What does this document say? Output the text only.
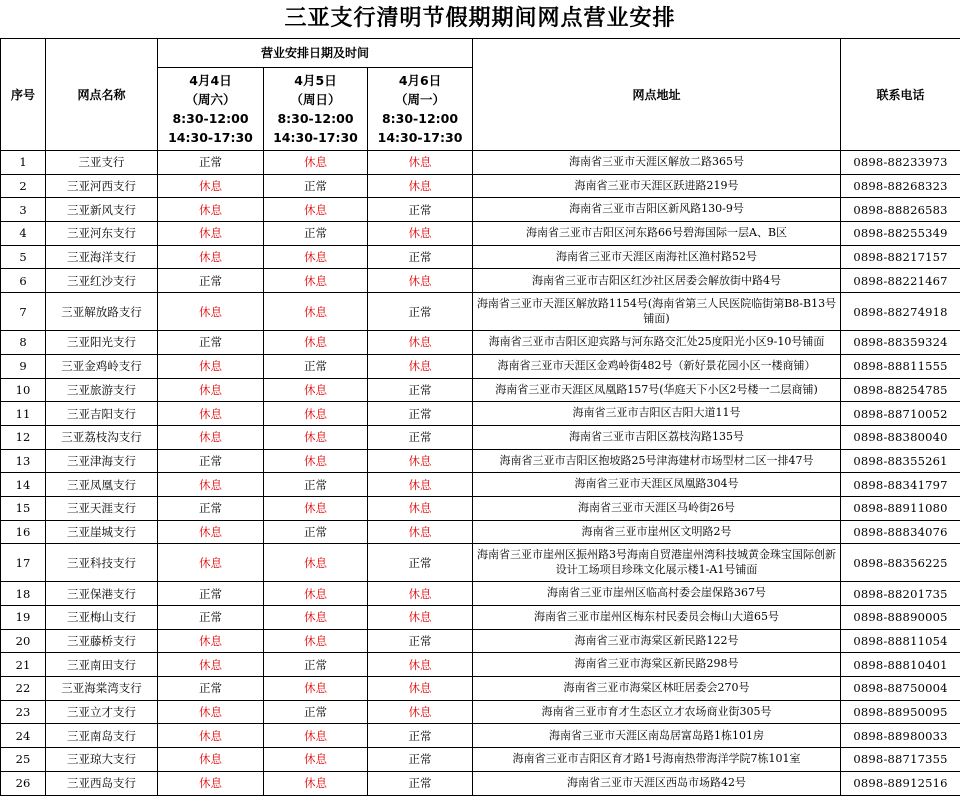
三亚支行清明节假期期间网点营业安排
序号	网点名称	营业安排日期及时间			网点地址	联系电话

		4月4日
（周六）
8:30-12:00
14:30-17:30	4月5日
（周日）
8:30-12:00
14:30-17:30	4月6日
（周一）
8:30-12:00
14:30-17:30		

1	三亚支行	正常	休息	休息	海南省三亚市天涯区解放二路365号	0898-88233973
2	三亚河西支行	休息	正常	休息	海南省三亚市天涯区跃进路219号	0898-88268323
3	三亚新风支行	休息	休息	正常	海南省三亚市吉阳区新风路130-9号	0898-88826583
4	三亚河东支行	休息	正常	休息	海南省三亚市吉阳区河东路66号碧海国际一层A、B区	0898-88255349
5	三亚海洋支行	休息	休息	正常	海南省三亚市天涯区南海社区渔村路52号	0898-88217157
6	三亚红沙支行	正常	休息	休息	海南省三亚市吉阳区红沙社区居委会解放街中路4号	0898-88221467
7	三亚解放路支行	休息	休息	正常	海南省三亚市天涯区解放路1154号(海南省第三人民医院临街第B8-B13号铺面)	0898-88274918
8	三亚阳光支行	正常	休息	休息	海南省三亚市吉阳区迎宾路与河东路交汇处25度阳光小区9-10号铺面	0898-88359324
9	三亚金鸡岭支行	休息	正常	休息	海南省三亚市天涯区金鸡岭街482号（新好景花园小区一楼商铺）	0898-88811555
10	三亚旅游支行	休息	休息	正常	海南省三亚市天涯区凤凰路157号(华庭天下小区2号楼一二层商铺)	0898-88254785
11	三亚吉阳支行	休息	休息	正常	海南省三亚市吉阳区吉阳大道11号	0898-88710052
12	三亚荔枝沟支行	休息	休息	正常	海南省三亚市吉阳区荔枝沟路135号	0898-88380040
13	三亚津海支行	正常	休息	休息	海南省三亚市吉阳区抱坡路25号津海建材市场型材二区一排47号	0898-88355261
14	三亚凤凰支行	休息	正常	休息	海南省三亚市天涯区凤凰路304号	0898-88341797
15	三亚天涯支行	正常	休息	休息	海南省三亚市天涯区马岭街26号	0898-88911080
16	三亚崖城支行	休息	正常	休息	海南省三亚市崖州区文明路2号	0898-88834076
17	三亚科技支行	休息	休息	正常	海南省三亚市崖州区振州路3号海南自贸港崖州湾科技城黄金珠宝国际创新设计工场项目珍珠文化展示楼1-A1号铺面	0898-88356225
18	三亚保港支行	正常	休息	休息	海南省三亚市崖州区临高村委会崖保路367号	0898-88201735
19	三亚梅山支行	正常	休息	休息	海南省三亚市崖州区梅东村民委员会梅山大道65号	0898-88890005
20	三亚藤桥支行	休息	休息	正常	海南省三亚市海棠区新民路122号	0898-88811054
21	三亚南田支行	休息	正常	休息	海南省三亚市海棠区新民路298号	0898-88810401
22	三亚海棠湾支行	正常	休息	休息	海南省三亚市海棠区林旺居委会270号	0898-88750004
23	三亚立才支行	休息	正常	休息	海南省三亚市育才生态区立才农场商业街305号	0898-88950095
24	三亚南岛支行	休息	休息	正常	海南省三亚市天涯区南岛居富岛路1栋101房	0898-88980033
25	三亚琼大支行	休息	休息	正常	海南省三亚市吉阳区育才路1号海南热带海洋学院7栋101室	0898-88717355
26	三亚西岛支行	休息	休息	正常	海南省三亚市天涯区西岛市场路42号	0898-88912516
